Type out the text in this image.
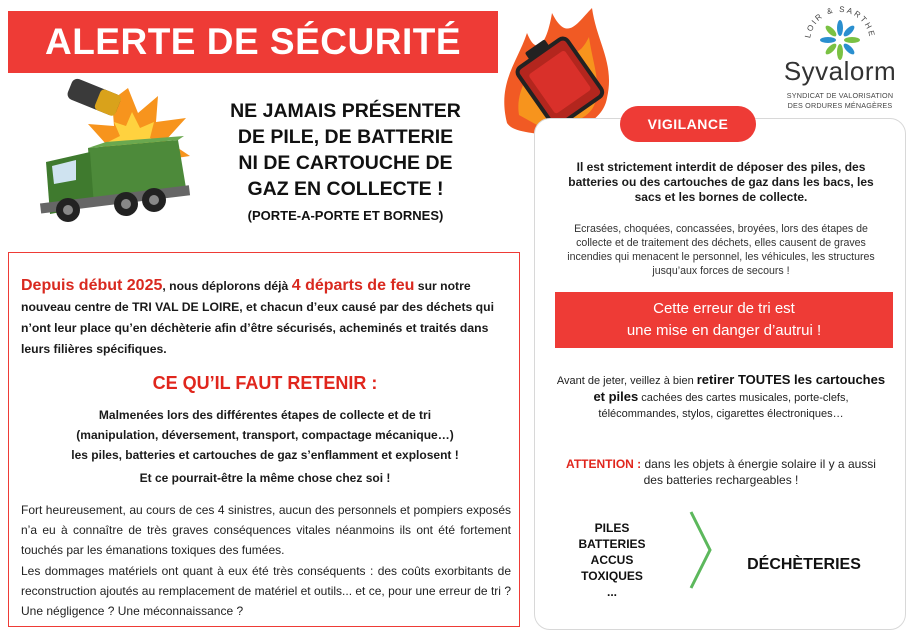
ALERTE DE SÉCURITÉ
NE JAMAIS PRÉSENTER
DE PILE, DE BATTERIE
NI DE CARTOUCHE DE
GAZ EN COLLECTE !
(PORTE-A-PORTE ET BORNES)

Depuis début 2025, nous déplorons déjà 4 départs de feu sur notre nouveau centre de TRI VAL DE LOIRE, et chacun d’eux causé par des déchets qui n’ont leur place qu’en déchèterie afin d’être sécurisés, acheminés et traités dans leurs filières spécifiques.

CE QU’IL FAUT RETENIR :
Malmenées lors des différentes étapes de collecte et de tri
(manipulation, déversement, transport, compactage mécanique…)
les piles, batteries et cartouches de gaz s’enflamment et explosent !
Et ce pourrait-être la même chose chez soi !

Fort heureusement, au cours de ces 4 sinistres, aucun des personnels et pompiers exposés n’a eu à connaître de très graves conséquences vitales néanmoins ils ont été fortement touchés par les émanations toxiques des fumées.

Les dommages matériels ont quant à eux été très conséquents : des coûts exorbitants de reconstruction ajoutés au remplacement de matériel et outils... et ce, pour une erreur de tri ? Une négligence ? Une méconnaissance ?

VIGILANCE

Il est strictement interdit de déposer des piles, des batteries ou des cartouches de gaz dans les bacs, les sacs et les bornes de collecte.

Ecrasées, choquées, concassées, broyées, lors des étapes de collecte et de traitement des déchets, elles causent de graves incendies qui menacent le personnel, les véhicules, les structures jusqu’aux forces de secours !

Cette erreur de tri est
une mise en danger d’autrui !

Avant de jeter, veillez à bien retirer TOUTES les cartouches et piles cachées des cartes musicales, porte-clefs, télécommandes, stylos, cigarettes électroniques…

ATTENTION : dans les objets à énergie solaire il y a aussi des batteries rechargeables !

PILES
BATTERIES
ACCUS
TOXIQUES
...
DÉCHÈTERIES
LOIR & SARTHE
Syvalorm
SYNDICAT DE VALORISATION
DES ORDURES MÉNAGÈRES
